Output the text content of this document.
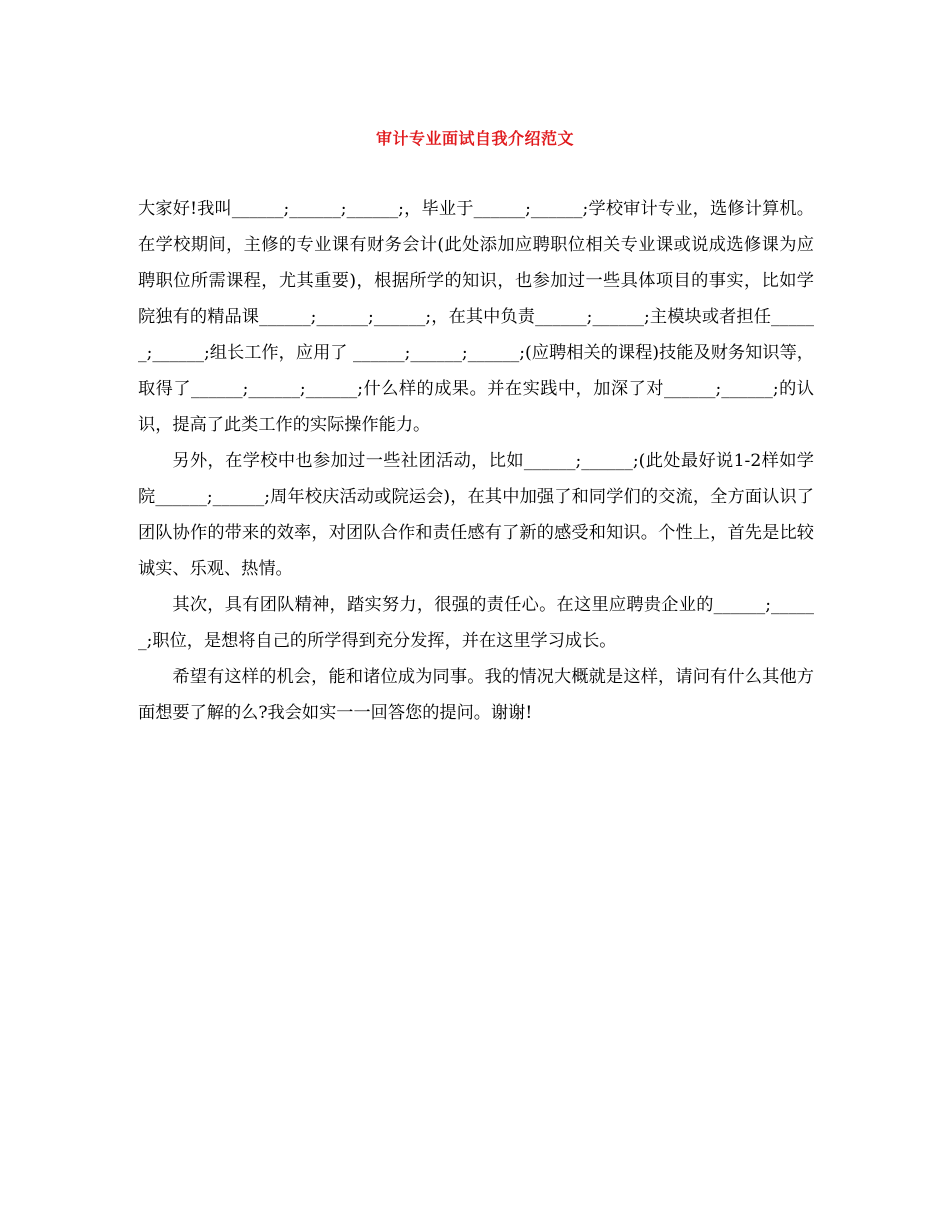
审计专业面试自我介绍范文

大家好!我叫______;______;______;，毕业于______;______;学校审计专业，选修计算机。在学校期间，主修的专业课有财务会计(此处添加应聘职位相关专业课或说成选修课为应聘职位所需课程，尤其重要)，根据所学的知识，也参加过一些具体项目的事实，比如学院独有的精品课______;______;______;，在其中负责______;______;主模块或者担任______;______;组长工作，应用了 ______;______;______;(应聘相关的课程)技能及财务知识等，取得了______;______;______;什么样的成果。并在实践中，加深了对______;______;的认识，提高了此类工作的实际操作能力。

另外，在学校中也参加过一些社团活动，比如______;______;(此处最好说1-2样如学院______;______;周年校庆活动或院运会)，在其中加强了和同学们的交流，全方面认识了团队协作的带来的效率，对团队合作和责任感有了新的感受和知识。个性上，首先是比较诚实、乐观、热情。

其次，具有团队精神，踏实努力，很强的责任心。在这里应聘贵企业的______;______;职位，是想将自己的所学得到充分发挥，并在这里学习成长。

希望有这样的机会，能和诸位成为同事。我的情况大概就是这样，请问有什么其他方面想要了解的么?我会如实一一回答您的提问。谢谢!
